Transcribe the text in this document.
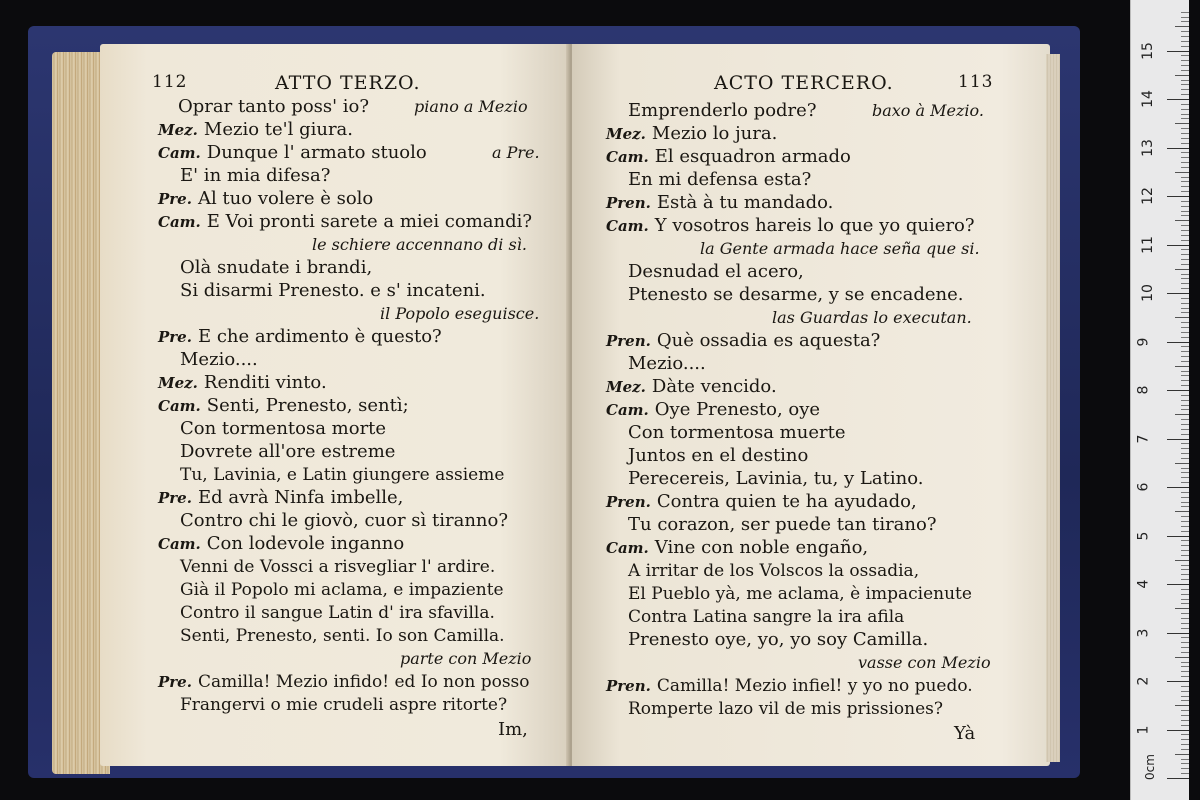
112	ATTO TERZO.
Oprar tanto poss' io?	piano a Mezio
Mez. Mezio te'l giura.
Cam. Dunque l' armato stuolo	a Pre.
E' in mia difesa?
Pre. Al tuo volere è solo
Cam. E Voi pronti sarete a miei comandi?
le schiere accennano di sì.
Olà snudate i brandi,
Si disarmi Prenesto. e s' incateni.
il Popolo eseguisce.
Pre. E che ardimento è questo?
Mezio....
Mez. Renditi vinto.
Cam. Senti, Prenesto, sentì;
Con tormentosa morte
Dovrete all'ore estreme
Tu, Lavinia, e Latin giungere assieme
Pre. Ed avrà Ninfa imbelle,
Contro chi le giovò, cuor sì tiranno?
Cam. Con lodevole inganno
Venni de Vossci a risvegliar l' ardire.
Già il Popolo mi aclama, e impaziente
Contro il sangue Latin d' ira sfavilla.
Senti, Prenesto, senti. Io son Camilla.
parte con Mezio
Pre. Camilla! Mezio infido! ed Io non posso
Frangervi o mie crudeli aspre ritorte?
Im,
ACTO TERCERO.	113
Emprenderlo podre?	baxo à Mezio.
Mez. Mezio lo jura.
Cam. El esquadron armado
En mi defensa esta?
Pren. Està à tu mandado.
Cam. Y vosotros hareis lo que yo quiero?
la Gente armada hace seña que si.
Desnudad el acero,
Ptenesto se desarme, y se encadene.
las Guardas lo executan.
Pren. Què ossadia es aquesta?
Mezio....
Mez. Dàte vencido.
Cam. Oye Prenesto, oye
Con tormentosa muerte
Juntos en el destino
Perecereis, Lavinia, tu, y Latino.
Pren. Contra quien te ha ayudado,
Tu corazon, ser puede tan tirano?
Cam. Vine con noble engaño,
A irritar de los Volscos la ossadia,
El Pueblo yà, me aclama, è impacienute
Contra Latina sangre la ira afila
Prenesto oye, yo, yo soy Camilla.
vasse con Mezio
Pren. Camilla! Mezio infiel! y yo no puedo.
Romperte lazo vil de mis prissiones?
Yà
0cm
1
2
3
4
5
6
7
8
9
10
11
12
13
14
15
